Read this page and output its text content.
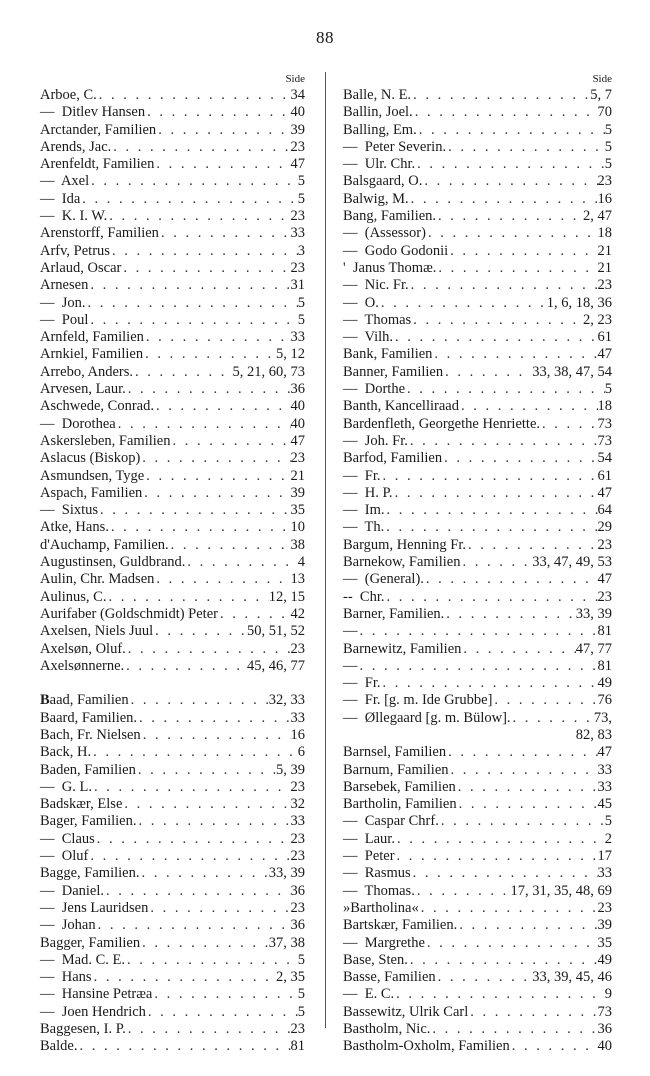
88
Side
Arboe, C. . . .	34
—  Ditlev Hansen . . .	40
Arctander, Familien . . .	39
Arends, Jac. . . .	23
Arenfeldt, Familien . . .	47
—  Axel . . .	5
—  Ida . . .	5
—  K. I. W. . . .	23
Arenstorff, Familien . . .	33
Arfv, Petrus . . .	3
Arlaud, Oscar . . .	23
Arnesen . . .	31
—  Jon. . . .	5
—  Poul . . .	5
Arnfeld, Familien . . .	33
Arnkiel, Familien . . .	5, 12
Arrebo, Anders. . . .	5, 21, 60, 73
Arvesen, Laur. . . .	36
Aschwede, Conrad. . . .	40
—  Dorothea . . .	40
Askersleben, Familien . . .	47
Aslacus (Biskop) . . .	23
Asmundsen, Tyge . . .	21
Aspach, Familien . . .	39
—  Sixtus . . .	35
Atke, Hans. . . .	10
d'Auchamp, Familien. . . .	38
Augustinsen, Guldbrand. . . .	4
Aulin, Chr. Madsen . . .	13
Aulinus, C. . . .	12, 15
Aurifaber (Goldschmidt) Peter . . .	42
Axelsen, Niels Juul . . .	50, 51, 52
Axelsøn, Oluf. . . .	23
Axelsønnerne. . . .	45, 46, 77
Baad, Familien . . .	32, 33
Baard, Familien. . . .	33
Bach, Fr. Nielsen . . .	16
Back, H. . . .	6
Baden, Familien . . .	5, 39
—  G. L. . . .	23
Badskær, Else . . .	32
Bager, Familien. . . .	33
—  Claus . . .	23
—  Oluf . . .	23
Bagge, Familien. . . .	33, 39
—  Daniel. . . .	36
—  Jens Lauridsen . . .	23
—  Johan . . .	36
Bagger, Familien . . .	37, 38
—  Mad. C. E. . . .	5
—  Hans . . .	2, 35
—  Hansine Petræa . . .	5
—  Joen Hendrich . . .	5
Baggesen, I. P. . . .	23
Balde. . . .	81
Side
Balle, N. E. . . .	5, 7
Ballin, Joel. . . .	70
Balling, Em. . . .	5
—  Peter Severin. . . .	5
—  Ulr. Chr. . . .	5
Balsgaard, O. . . .	23
Balwig, M. . . .	16
Bang, Familien. . . .	2, 47
—  (Assessor) . . .	18
—  Godo Godonii . . .	21
'  Janus Thomæ. . . .	21
—  Nic. Fr. . . .	23
—  O. . . .	1, 6, 18, 36
—  Thomas . . .	2, 23
—  Vilh. . . .	61
Bank, Familien . . .	47
Banner, Familien . . .	33, 38, 47, 54
—  Dorthe . . .	5
Banth, Kancelliraad . . .	18
Bardenfleth, Georgethe Henriette. . . .	73
—  Joh. Fr. . . .	73
Barfod, Familien . . .	54
—  Fr. . . .	61
—  H. P. . . .	47
—  Im. . . .	64
—  Th. . . .	29
Bargum, Henning Fr. . . .	23
Barnekow, Familien . . .	33, 47, 49, 53
—  (General). . . .	47
--  Chr. . . .	23
Barner, Familien. . . .	33, 39
— . . .	81
Barnewitz, Familien . . .	47, 77
— . . .	81
—  Fr. . . .	49
—  Fr. [g. m. Ide Grubbe] . . .	76
—  Øllegaard [g. m. Bülow]. . . .	73,
82, 83
Barnsel, Familien . . .	47
Barnum, Familien . . .	33
Barsebek, Familien . . .	33
Bartholin, Familien . . .	45
—  Caspar Chrf. . . .	5
—  Laur. . . .	2
—  Peter . . .	17
—  Rasmus . . .	33
—  Thomas. . . .	17, 31, 35, 48, 69
»Bartholina« . . .	23
Bartskær, Familien. . . .	39
—  Margrethe . . .	35
Base, Sten. . . .	49
Basse, Familien . . .	33, 39, 45, 46
—  E. C. . . .	9
Bassewitz, Ulrik Carl . . .	73
Bastholm, Nic. . . .	36
Bastholm-Oxholm, Familien . . .	40
